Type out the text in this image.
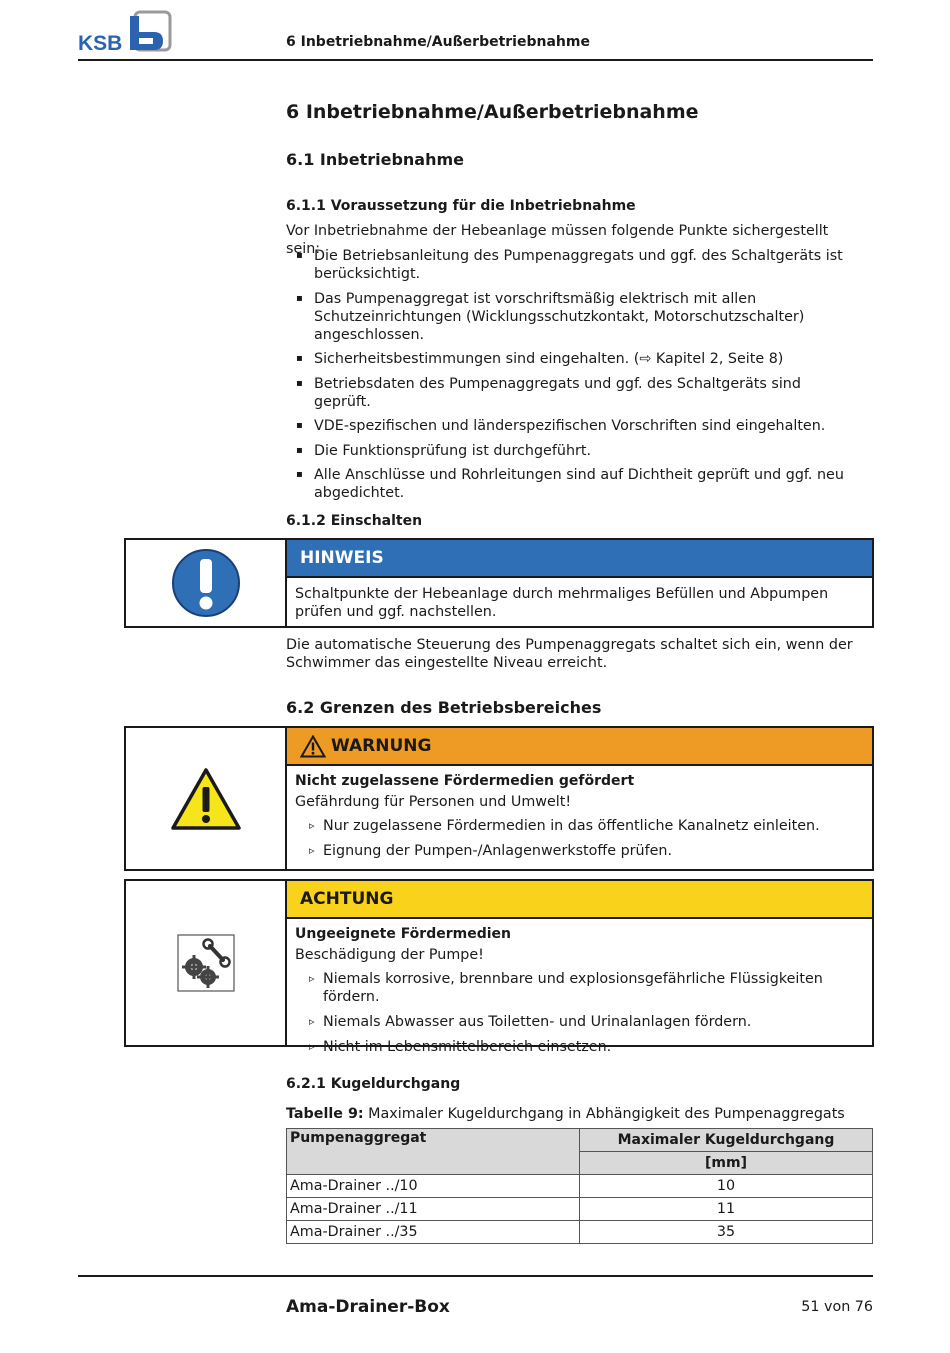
KSB	6 Inbetriebnahme/Außerbetriebnahme
6 Inbetriebnahme/Außerbetriebnahme
6.1 Inbetriebnahme
6.1.1 Voraussetzung für die Inbetriebnahme
Vor Inbetriebnahme der Hebeanlage müssen folgende Punkte sichergestellt sein:
▪ Die Betriebsanleitung des Pumpenaggregats und ggf. des Schaltgeräts ist berücksichtigt.
▪ Das Pumpenaggregat ist vorschriftsmäßig elektrisch mit allen Schutzeinrichtungen (Wicklungsschutzkontakt, Motorschutzschalter) angeschlossen.
▪ Sicherheitsbestimmungen sind eingehalten. (⇨ Kapitel 2, Seite 8)
▪ Betriebsdaten des Pumpenaggregats und ggf. des Schaltgeräts sind geprüft.
▪ VDE-spezifischen und länderspezifischen Vorschriften sind eingehalten.
▪ Die Funktionsprüfung ist durchgeführt.
▪ Alle Anschlüsse und Rohrleitungen sind auf Dichtheit geprüft und ggf. neu abgedichtet.
6.1.2 Einschalten
HINWEIS
Schaltpunkte der Hebeanlage durch mehrmaliges Befüllen und Abpumpen prüfen und ggf. nachstellen.
Die automatische Steuerung des Pumpenaggregats schaltet sich ein, wenn der Schwimmer das eingestellte Niveau erreicht.
6.2 Grenzen des Betriebsbereiches
WARNUNG
Nicht zugelassene Fördermedien gefördert
Gefährdung für Personen und Umwelt!
▹ Nur zugelassene Fördermedien in das öffentliche Kanalnetz einleiten.
▹ Eignung der Pumpen-/Anlagenwerkstoffe prüfen.
ACHTUNG
Ungeeignete Fördermedien
Beschädigung der Pumpe!
▹ Niemals korrosive, brennbare und explosionsgefährliche Flüssigkeiten fördern.
▹ Niemals Abwasser aus Toiletten- und Urinalanlagen fördern.
▹ Nicht im Lebensmittelbereich einsetzen.
6.2.1 Kugeldurchgang
Tabelle 9: Maximaler Kugeldurchgang in Abhängigkeit des Pumpenaggregats
Pumpenaggregat	Maximaler Kugeldurchgang
	[mm]
Ama-Drainer ../10	10
Ama-Drainer ../11	11
Ama-Drainer ../35	35
Ama-Drainer-Box	51 von 76
